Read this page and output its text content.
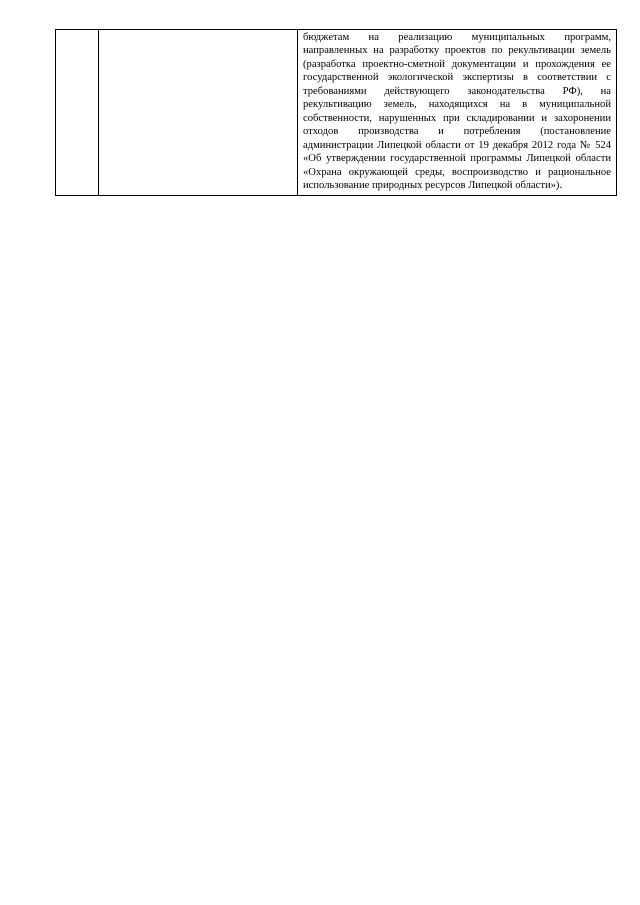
		бюджетам на реализацию муниципальных программ, направленных на разработку проектов по рекультивации земель (разработка проектно-сметной документации и прохождения ее государственной экологической экспертизы в соответствии с требованиями действующего законодательства РФ), на рекультивацию земель, находящихся на в муниципальной собственности, нарушенных при складировании и захоронении отходов производства и потребления (постановление администрации Липецкой области от 19 декабря 2012 года № 524 «Об утверждении государственной программы Липецкой области «Охрана окружающей среды, воспроизводство и рациональное использование природных ресурсов Липецкой области»).
